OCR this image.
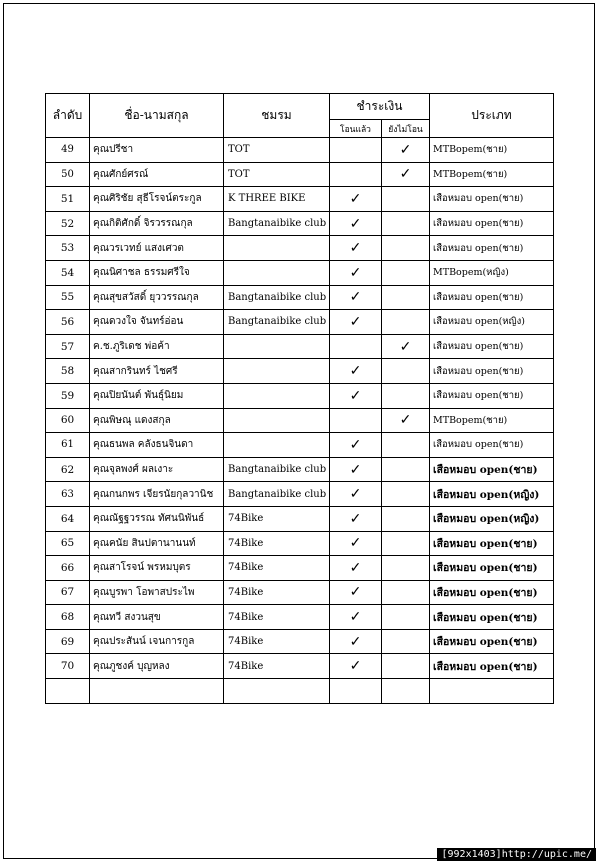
ลำดับ	ชื่อ-นามสกุล	ชมรม	ชำระเงิน		ประเภท
			โอนแล้ว	ยังไม่โอน	
49	คุณปรีชา	TOT		✓	MTBopem(ชาย)
50	คุณศักย์ศรณ์	TOT		✓	MTBopem(ชาย)
51	คุณศิริชัย สุธีโรจน์ตระกูล	K THREE BIKE	✓		เสือหมอบ open(ชาย)
52	คุณกิติศักดิ์ จิรวรรณกุล	Bangtanaibike club	✓		เสือหมอบ open(ชาย)
53	คุณวรเวทย์ แสงเศวต		✓		เสือหมอบ open(ชาย)
54	คุณนิศาชล ธรรมศรีใจ		✓		MTBopem(หญิง)
55	คุณสุขสวัสดิ์ ยุววรรณกุล	Bangtanaibike club	✓		เสือหมอบ open(ชาย)
56	คุณดวงใจ จันทร์อ่อน	Bangtanaibike club	✓		เสือหมอบ open(หญิง)
57	ค.ช.ภูริเดช พ่อค้า			✓	เสือหมอบ open(ชาย)
58	คุณสากรินทร์ ไชศรี		✓		เสือหมอบ open(ชาย)
59	คุณปิยนันต์ พันธุ์นิยม		✓		เสือหมอบ open(ชาย)
60	คุณพิษณุ แดงสกุล			✓	MTBopem(ชาย)
61	คุณธนพล คลังธนจินดา		✓		เสือหมอบ open(ชาย)
62	คุณจุลพงศ์ ผลเงาะ	Bangtanaibike club	✓		เสือหมอบ open(ชาย)
63	คุณกนกพร เจียรนัยกุลวานิช	Bangtanaibike club	✓		เสือหมอบ open(หญิง)
64	คุณณัฐฐวรรณ ทัศนนิพันธ์	74Bike	✓		เสือหมอบ open(หญิง)
65	คุณคนัย สินปตานานนท์	74Bike	✓		เสือหมอบ open(ชาย)
66	คุณสาโรจน์ พรหมบุตร	74Bike	✓		เสือหมอบ open(ชาย)
67	คุณบูรพา โอพาสประไพ	74Bike	✓		เสือหมอบ open(ชาย)
68	คุณทวี สงวนสุข	74Bike	✓		เสือหมอบ open(ชาย)
69	คุณประสันน์ เจนการกูล	74Bike	✓		เสือหมอบ open(ชาย)
70	คุณภูชงค์ บุญหลง	74Bike	✓		เสือหมอบ open(ชาย)

[992x1403]http://upic.me/
